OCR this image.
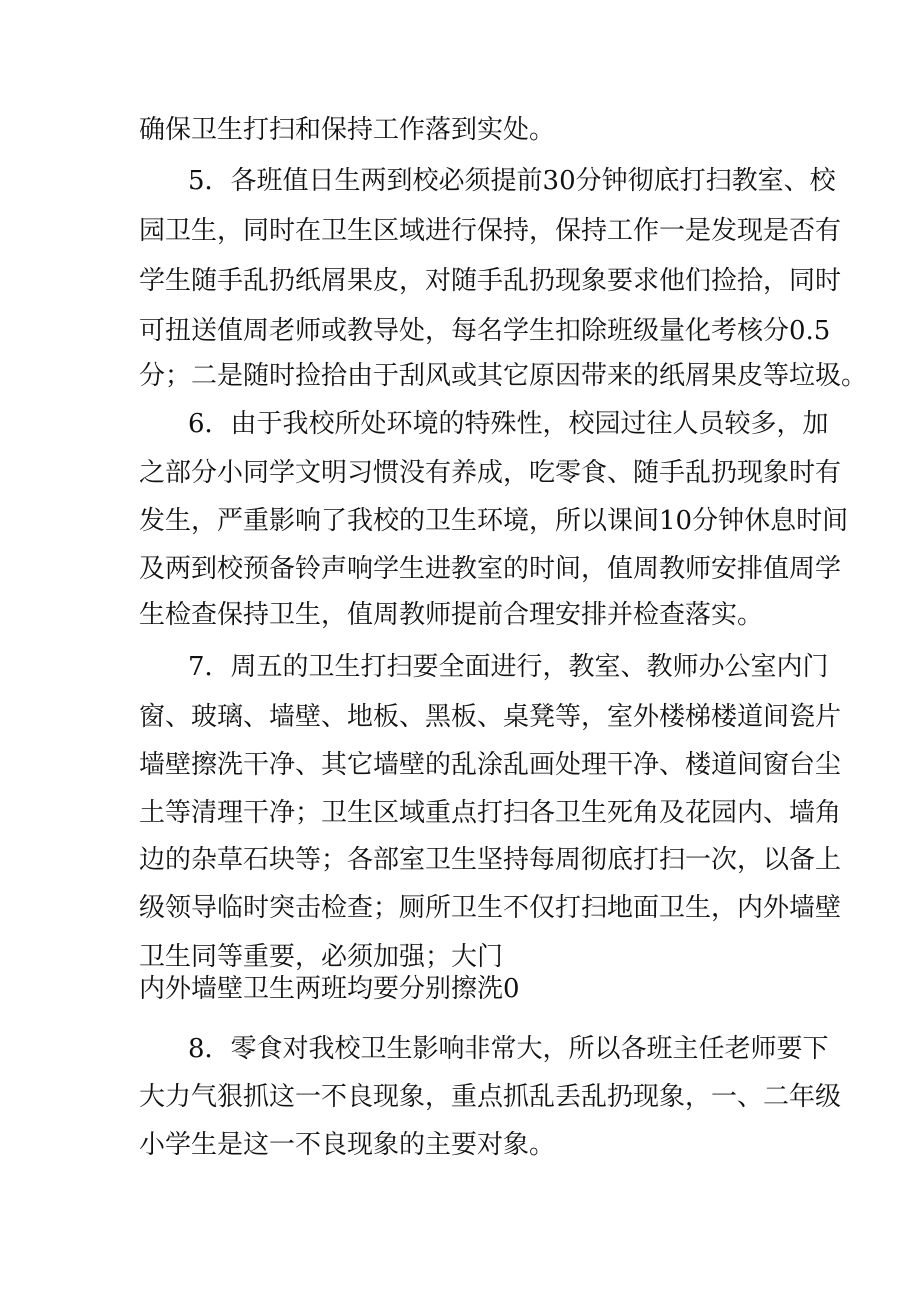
确保卫生打扫和保持工作落到实处。
5．各班值日生两到校必须提前30分钟彻底打扫教室、校
园卫生，同时在卫生区域进行保持，保持工作一是发现是否有
学生随手乱扔纸屑果皮，对随手乱扔现象要求他们捡拾，同时
可扭送值周老师或教导处，每名学生扣除班级量化考核分0.5
分；二是随时捡拾由于刮风或其它原因带来的纸屑果皮等垃圾。
6．由于我校所处环境的特殊性，校园过往人员较多，加
之部分小同学文明习惯没有养成，吃零食、随手乱扔现象时有
发生，严重影响了我校的卫生环境，所以课间10分钟休息时间
及两到校预备铃声响学生进教室的时间，值周教师安排值周学
生检查保持卫生，值周教师提前合理安排并检查落实。
7．周五的卫生打扫要全面进行，教室、教师办公室内门
窗、玻璃、墙壁、地板、黑板、桌凳等，室外楼梯楼道间瓷片
墙壁擦洗干净、其它墙壁的乱涂乱画处理干净、楼道间窗台尘
土等清理干净；卫生区域重点打扫各卫生死角及花园内、墙角
边的杂草石块等；各部室卫生坚持每周彻底打扫一次，以备上
级领导临时突击检查；厕所卫生不仅打扫地面卫生，内外墙壁
卫生同等重要，必须加强；大门
内外墙壁卫生两班均要分别擦洗0
8．零食对我校卫生影响非常大，所以各班主任老师要下
大力气狠抓这一不良现象，重点抓乱丢乱扔现象，一、二年级
小学生是这一不良现象的主要对象。
